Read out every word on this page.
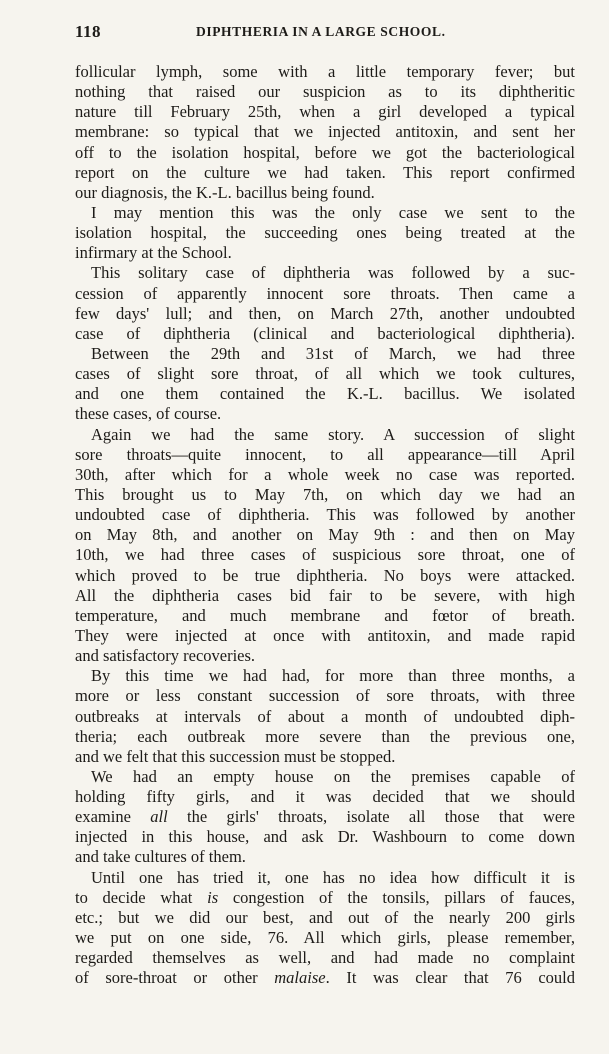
118	DIPHTHERIA IN A LARGE SCHOOL.
follicular lymph, some with a little temporary fever; but
nothing that raised our suspicion as to its diphtheritic
nature till February 25th, when a girl developed a typical
membrane: so typical that we injected antitoxin, and sent her
off to the isolation hospital, before we got the bacteriological
report on the culture we had taken. This report confirmed
our diagnosis, the K.-L. bacillus being found.
I may mention this was the only case we sent to the
isolation hospital, the succeeding ones being treated at the
infirmary at the School.
This solitary case of diphtheria was followed by a suc-
cession of apparently innocent sore throats. Then came a
few days' lull; and then, on March 27th, another undoubted
case of diphtheria (clinical and bacteriological diphtheria).
Between the 29th and 31st of March, we had three
cases of slight sore throat, of all which we took cultures,
and one them contained the K.-L. bacillus. We isolated
these cases, of course.
Again we had the same story. A succession of slight
sore throats—quite innocent, to all appearance—till April
30th, after which for a whole week no case was reported.
This brought us to May 7th, on which day we had an
undoubted case of diphtheria. This was followed by another
on May 8th, and another on May 9th : and then on May
10th, we had three cases of suspicious sore throat, one of
which proved to be true diphtheria. No boys were attacked.
All the diphtheria cases bid fair to be severe, with high
temperature, and much membrane and fœtor of breath.
They were injected at once with antitoxin, and made rapid
and satisfactory recoveries.
By this time we had had, for more than three months, a
more or less constant succession of sore throats, with three
outbreaks at intervals of about a month of undoubted diph-
theria; each outbreak more severe than the previous one,
and we felt that this succession must be stopped.
We had an empty house on the premises capable of
holding fifty girls, and it was decided that we should
examine all the girls' throats, isolate all those that were
injected in this house, and ask Dr. Washbourn to come down
and take cultures of them.
Until one has tried it, one has no idea how difficult it is
to decide what is congestion of the tonsils, pillars of fauces,
etc.; but we did our best, and out of the nearly 200 girls
we put on one side, 76. All which girls, please remember,
regarded themselves as well, and had made no complaint
of sore-throat or other malaise. It was clear that 76 could
